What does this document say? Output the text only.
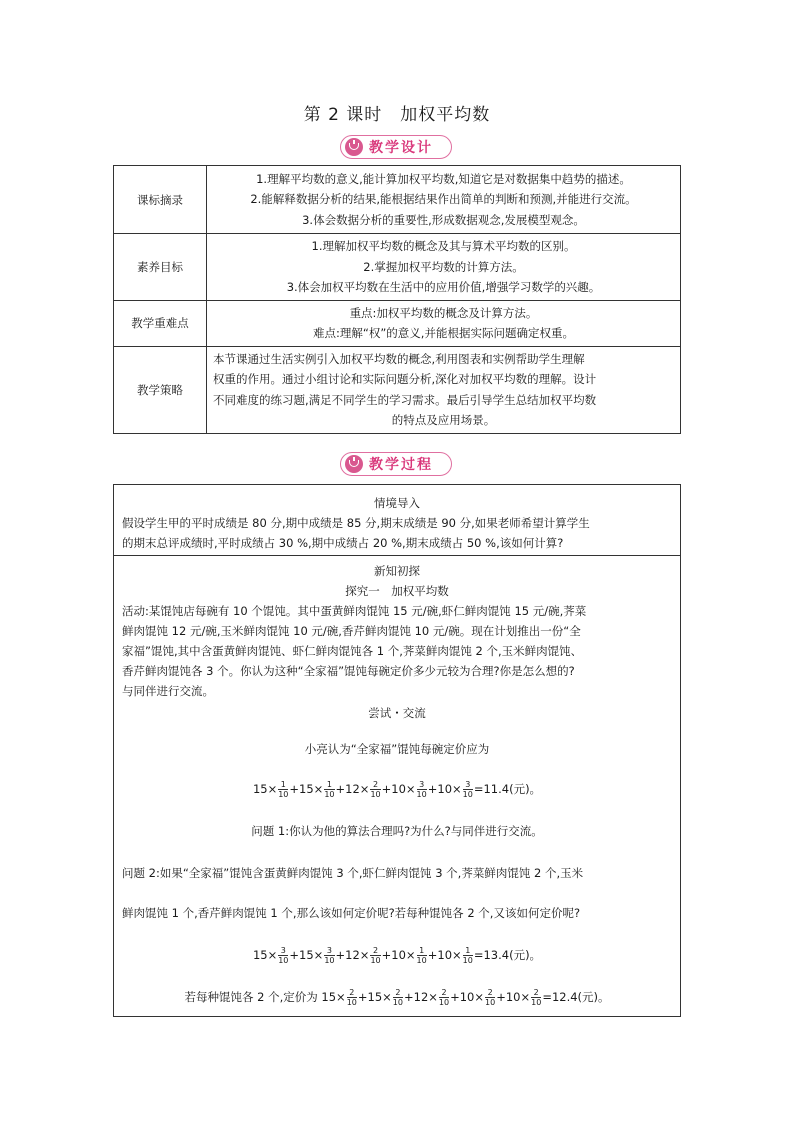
第 2 课时　加权平均数
教学设计
课标摘录	1.理解平均数的意义,能计算加权平均数,知道它是对数据集中趋势的描述。
2.能解释数据分析的结果,能根据结果作出简单的判断和预测,并能进行交流。
3.体会数据分析的重要性,形成数据观念,发展模型观念。

素养目标	1.理解加权平均数的概念及其与算术平均数的区别。
2.掌握加权平均数的计算方法。
3.体会加权平均数在生活中的应用价值,增强学习数学的兴趣。

教学重难点	重点:加权平均数的概念及计算方法。
难点:理解“权”的意义,并能根据实际问题确定权重。

教学策略	本节课通过生活实例引入加权平均数的概念,利用图表和实例帮助学生理解
权重的作用。通过小组讨论和实际问题分析,深化对加权平均数的理解。设计
不同难度的练习题,满足不同学生的学习需求。最后引导学生总结加权平均数
的特点及应用场景。
教学过程
情境导入
假设学生甲的平时成绩是 80 分,期中成绩是 85 分,期末成绩是 90 分,如果老师希望计算学生
的期末总评成绩时,平时成绩占 30 %,期中成绩占 20 %,期末成绩占 50 %,该如何计算?
新知初探
探究一　加权平均数
活动:某馄饨店每碗有 10 个馄饨。其中蛋黄鲜肉馄饨 15 元/碗,虾仁鲜肉馄饨 15 元/碗,荠菜
鲜肉馄饨 12 元/碗,玉米鲜肉馄饨 10 元/碗,香芹鲜肉馄饨 10 元/碗。现在计划推出一份“全
家福”馄饨,其中含蛋黄鲜肉馄饨、虾仁鲜肉馄饨各 1 个,荠菜鲜肉馄饨 2 个,玉米鲜肉馄饨、
香芹鲜肉馄饨各 3 个。你认为这种“全家福”馄饨每碗定价多少元较为合理?你是怎么想的?
与同伴进行交流。
尝试・交流
小亮认为“全家福”馄饨每碗定价应为
$15\times \frac{1}{10} +15\times \frac{1}{10} +12\times \frac{2}{10} +10\times \frac{3}{10} +10\times \frac{3}{10} =11.4$(元)。
问题 1:你认为他的算法合理吗?为什么?与同伴进行交流。
问题 2:如果“全家福”馄饨含蛋黄鲜肉馄饨 3 个,虾仁鲜肉馄饨 3 个,荠菜鲜肉馄饨 2 个,玉米
鲜肉馄饨 1 个,香芹鲜肉馄饨 1 个,那么该如何定价呢?若每种馄饨各 2 个,又该如何定价呢?
$15\times \frac{3}{10} +15\times \frac{3}{10} +12\times \frac{2}{10} +10\times \frac{1}{10} +10\times \frac{1}{10} =13.4$(元)。
若每种馄饨各 2 个,定价为 $15\times \frac{2}{10} +15\times \frac{2}{10} +12\times \frac{2}{10} +10\times \frac{2}{10} +10\times \frac{2}{10} =12.4$(元)。
